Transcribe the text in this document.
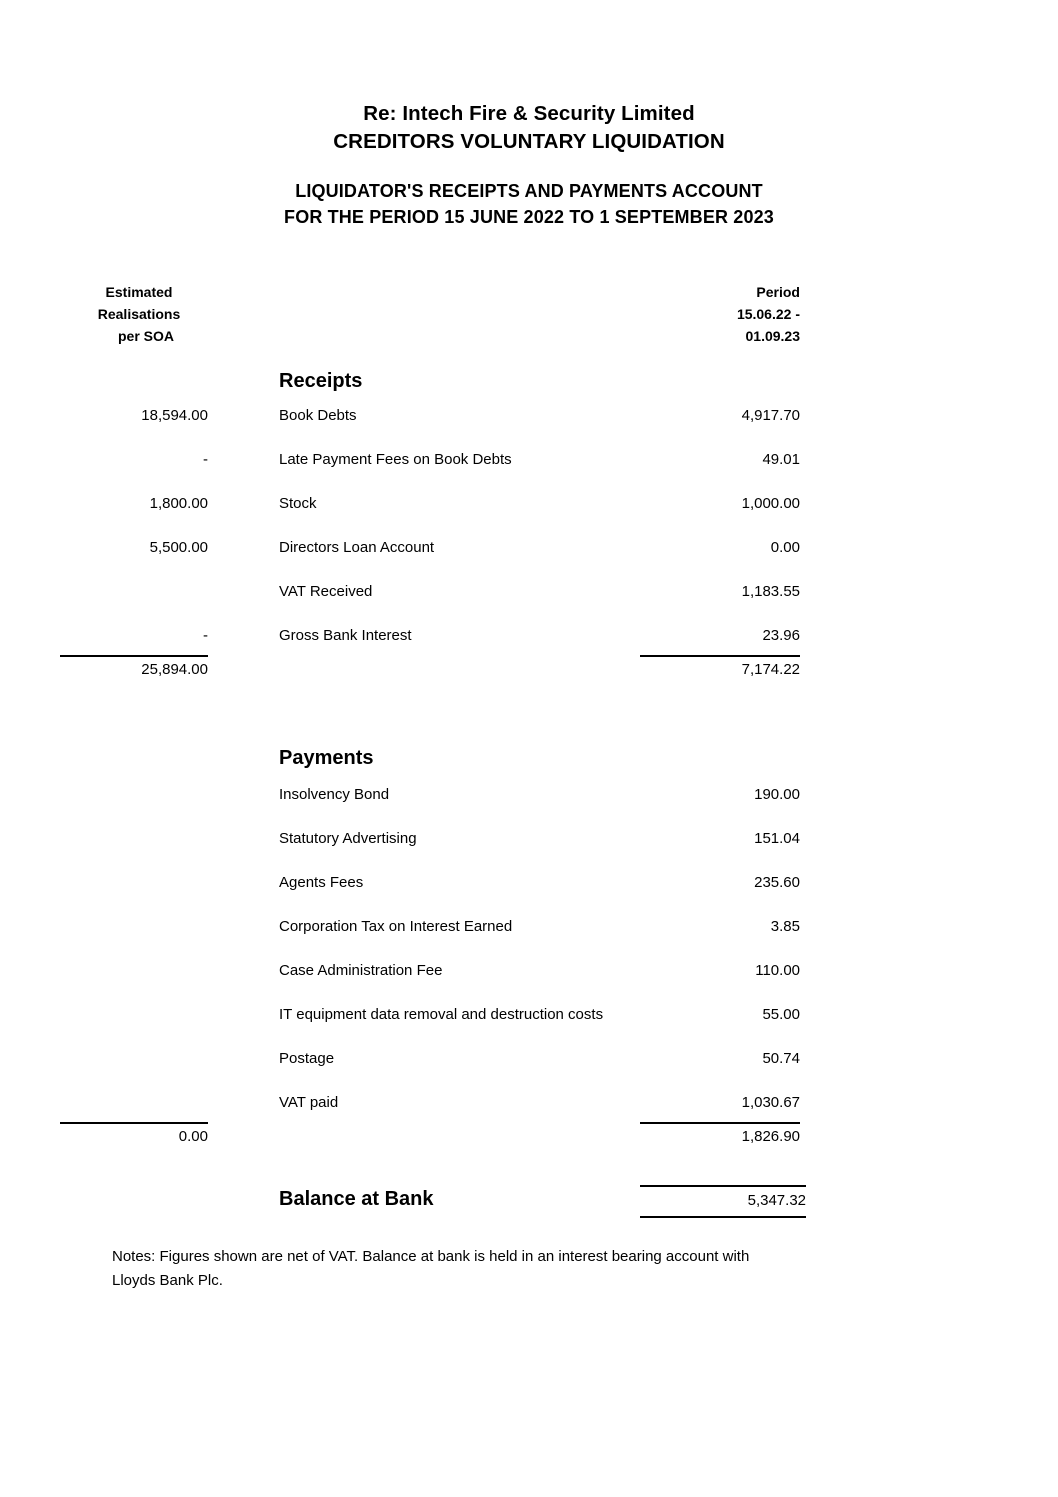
Re: Intech Fire & Security Limited
CREDITORS VOLUNTARY LIQUIDATION
LIQUIDATOR'S RECEIPTS AND PAYMENTS ACCOUNT
FOR THE PERIOD 15 JUNE 2022 TO 1 SEPTEMBER 2023
Estimated
Realisations
per SOA
Period
15.06.22 -
01.09.23
Receipts
18,594.00	Book Debts	4,917.70
-	Late Payment Fees on Book Debts	49.01
1,800.00	Stock	1,000.00
5,500.00	Directors Loan Account	0.00
VAT Received	1,183.55
-	Gross Bank Interest	23.96
25,894.00	7,174.22
Payments
Insolvency Bond	190.00
Statutory Advertising	151.04
Agents Fees	235.60
Corporation Tax on Interest Earned	3.85
Case Administration Fee	110.00
IT equipment data removal and destruction costs	55.00
Postage	50.74
VAT paid	1,030.67
0.00	1,826.90
Balance at Bank	5,347.32
Notes: Figures shown are net of VAT. Balance at bank is held in an interest bearing account with Lloyds Bank Plc.
